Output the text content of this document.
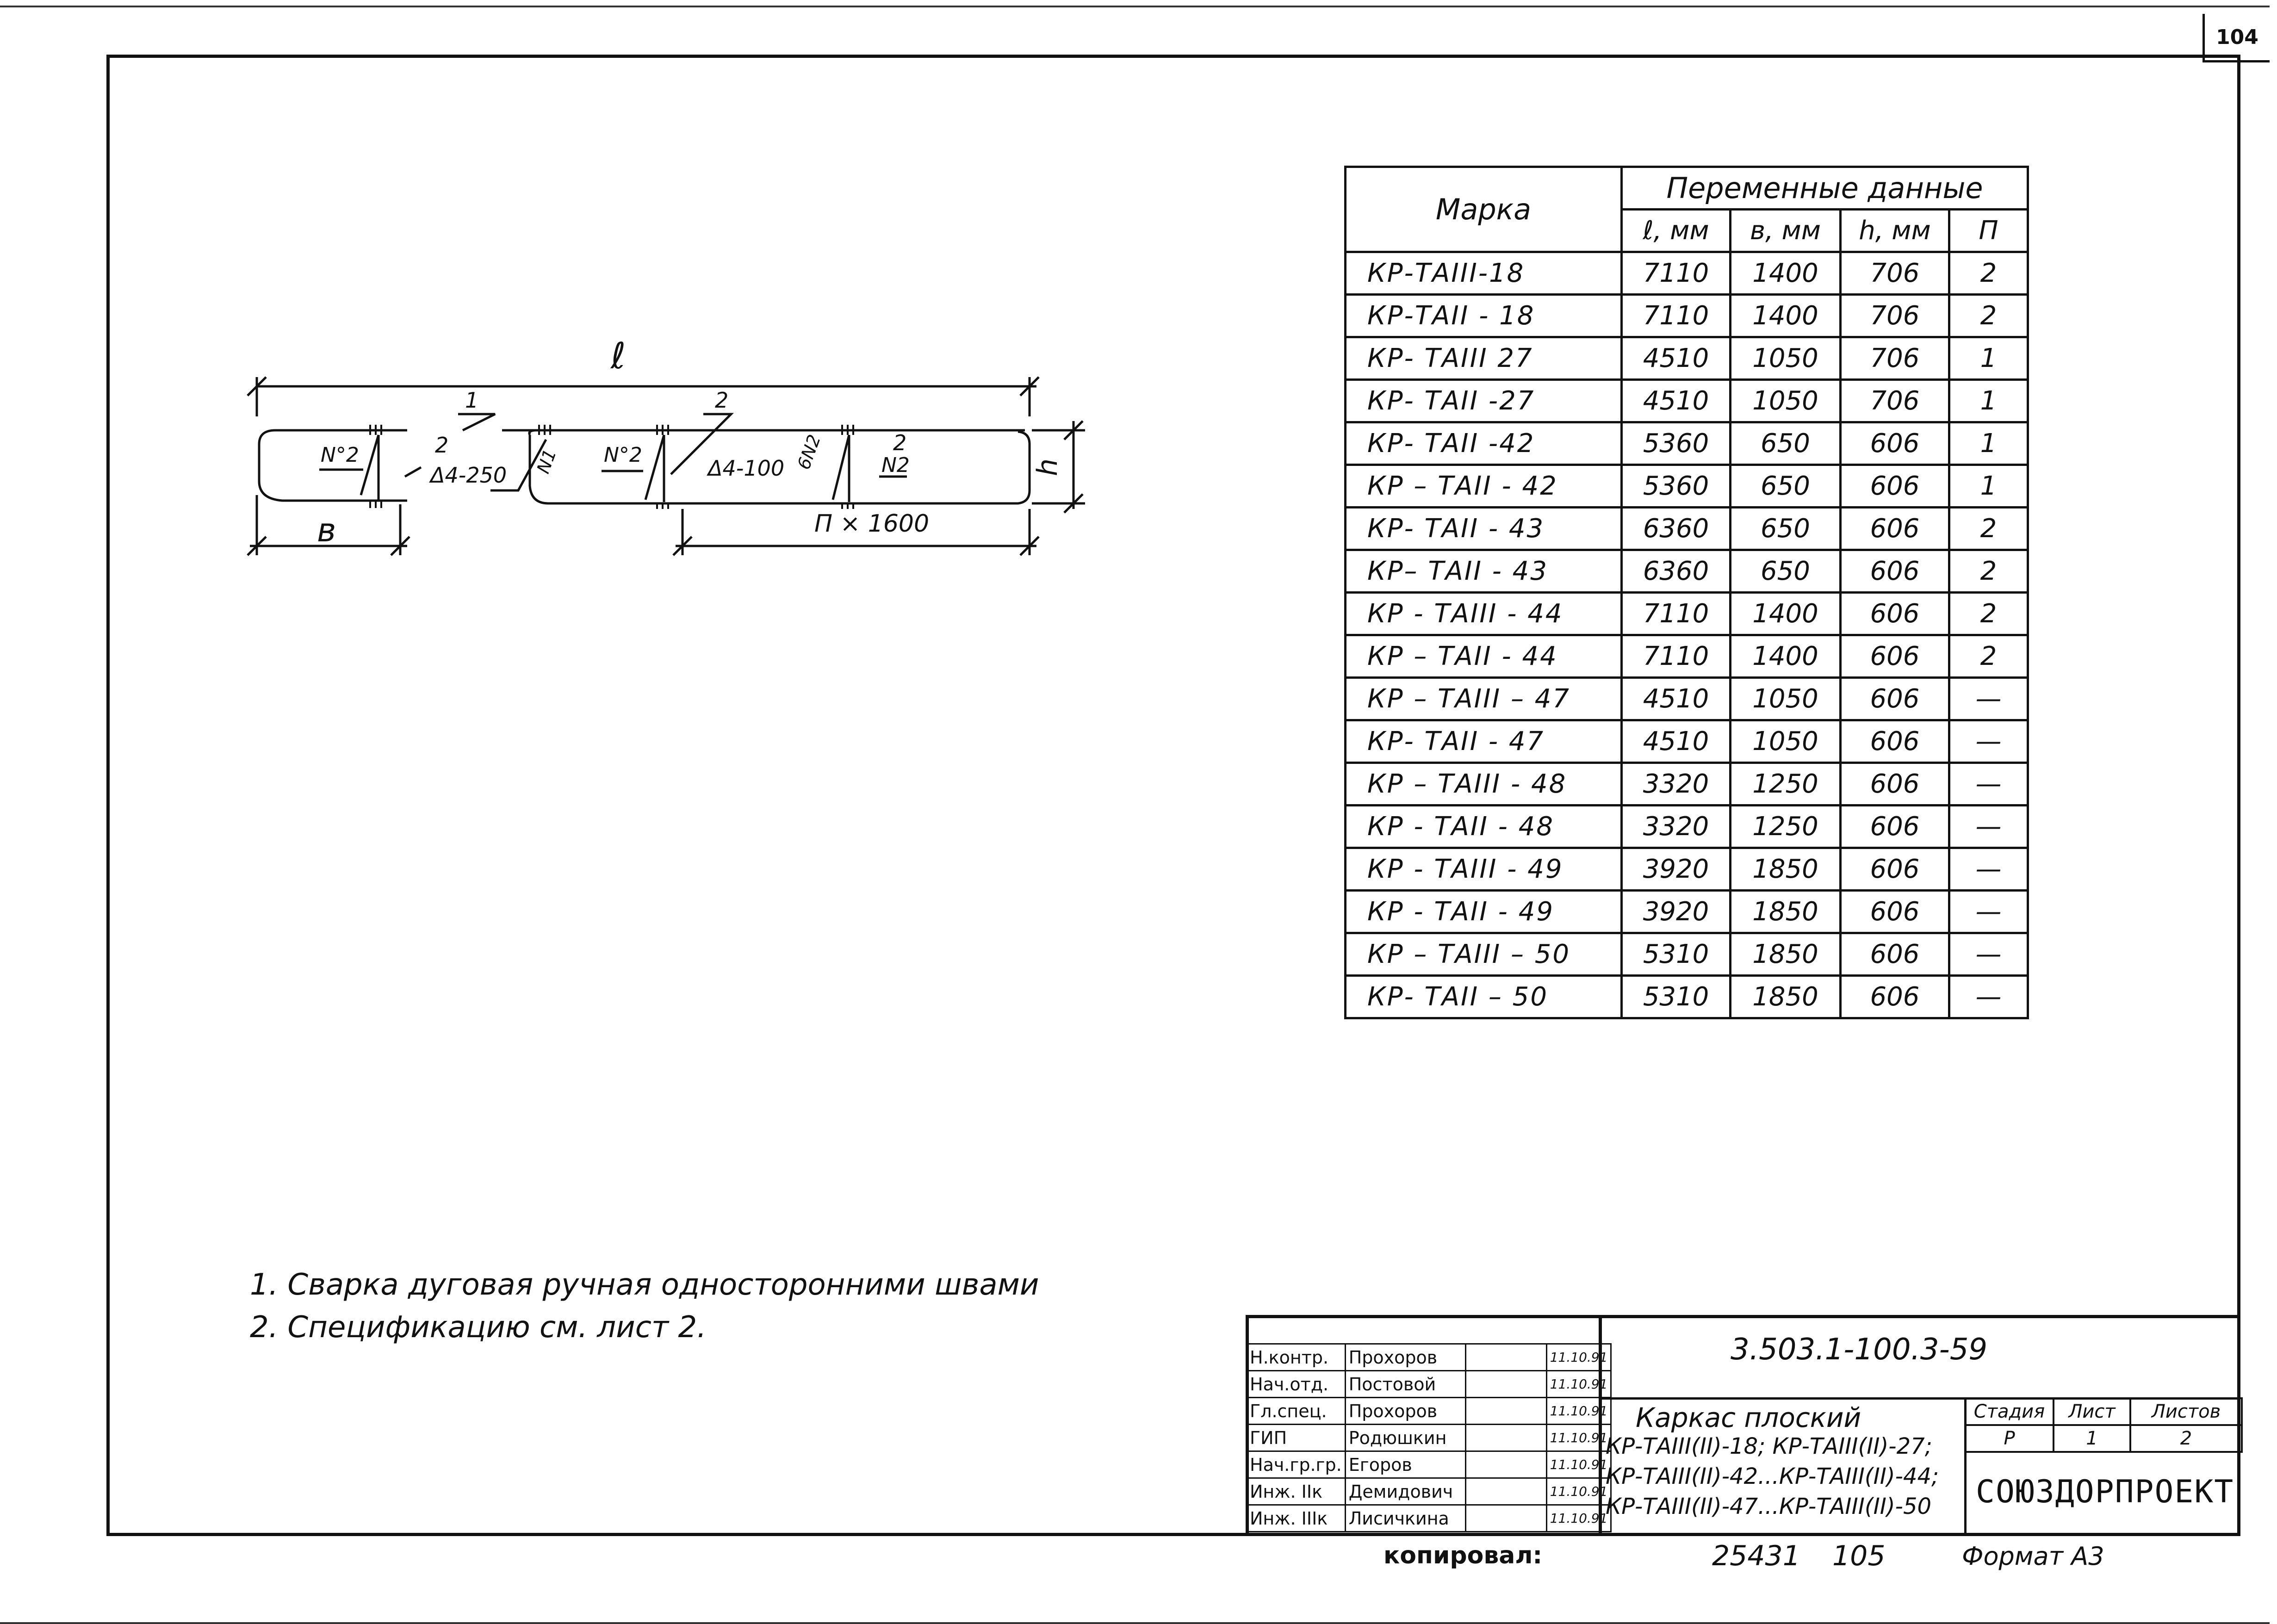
104
ℓ
в
h
П × 1600
1	2
2	2
N°2	N°2	N2
N1	6N2
Δ4-250	Δ4-100
Марка	Переменные данные			
	ℓ, мм	в, мм	h, мм	П
КР-ТАIII-18	7110	1400	706	2
КР-ТАII - 18	7110	1400	706	2
КР- ТАIII 27	4510	1050	706	1
КР- ТАII -27	4510	1050	706	1
КР- ТАII -42	5360	650	606	1
КР – ТАII - 42	5360	650	606	1
КР- ТАII - 43	6360	650	606	2
КР– ТАII - 43	6360	650	606	2
КР - ТАIII - 44	7110	1400	606	2
КР – ТАII - 44	7110	1400	606	2
КР – ТАIII – 47	4510	1050	606	—
КР- ТАII - 47	4510	1050	606	—
КР – ТАIII - 48	3320	1250	606	—
КР - ТАII - 48	3320	1250	606	—
КР - ТАIII - 49	3920	1850	606	—
КР - ТАII - 49	3920	1850	606	—
КР – ТАIII – 50	5310	1850	606	—
КР- ТАII – 50	5310	1850	606	—
1. Сварка дуговая ручная односторонними швами
2. Спецификацию см. лист 2.
Н.контр.	Прохоров		11.10.91
Нач.отд.	Постовой		11.10.91
Гл.спец.	Прохоров		11.10.91
ГИП	Родюшкин		11.10.91
Нач.гр.гр.	Егоров		11.10.91
Инж. IIк	Демидович		11.10.91
Инж. IIIк	Лисичкина		11.10.91
3.503.1-100.3-59
Каркас плоский
КР-ТАIII(II)-18; КР-ТАIII(II)-27;
КР-ТАIII(II)-42...КР-ТАIII(II)-44;
КР-ТАIII(II)-47...КР-ТАIII(II)-50
Стадия	Лист	Листов
Р	1	2
СОЮЗДОРПРОЕКТ
копировал:	25431 105	Формат А3
